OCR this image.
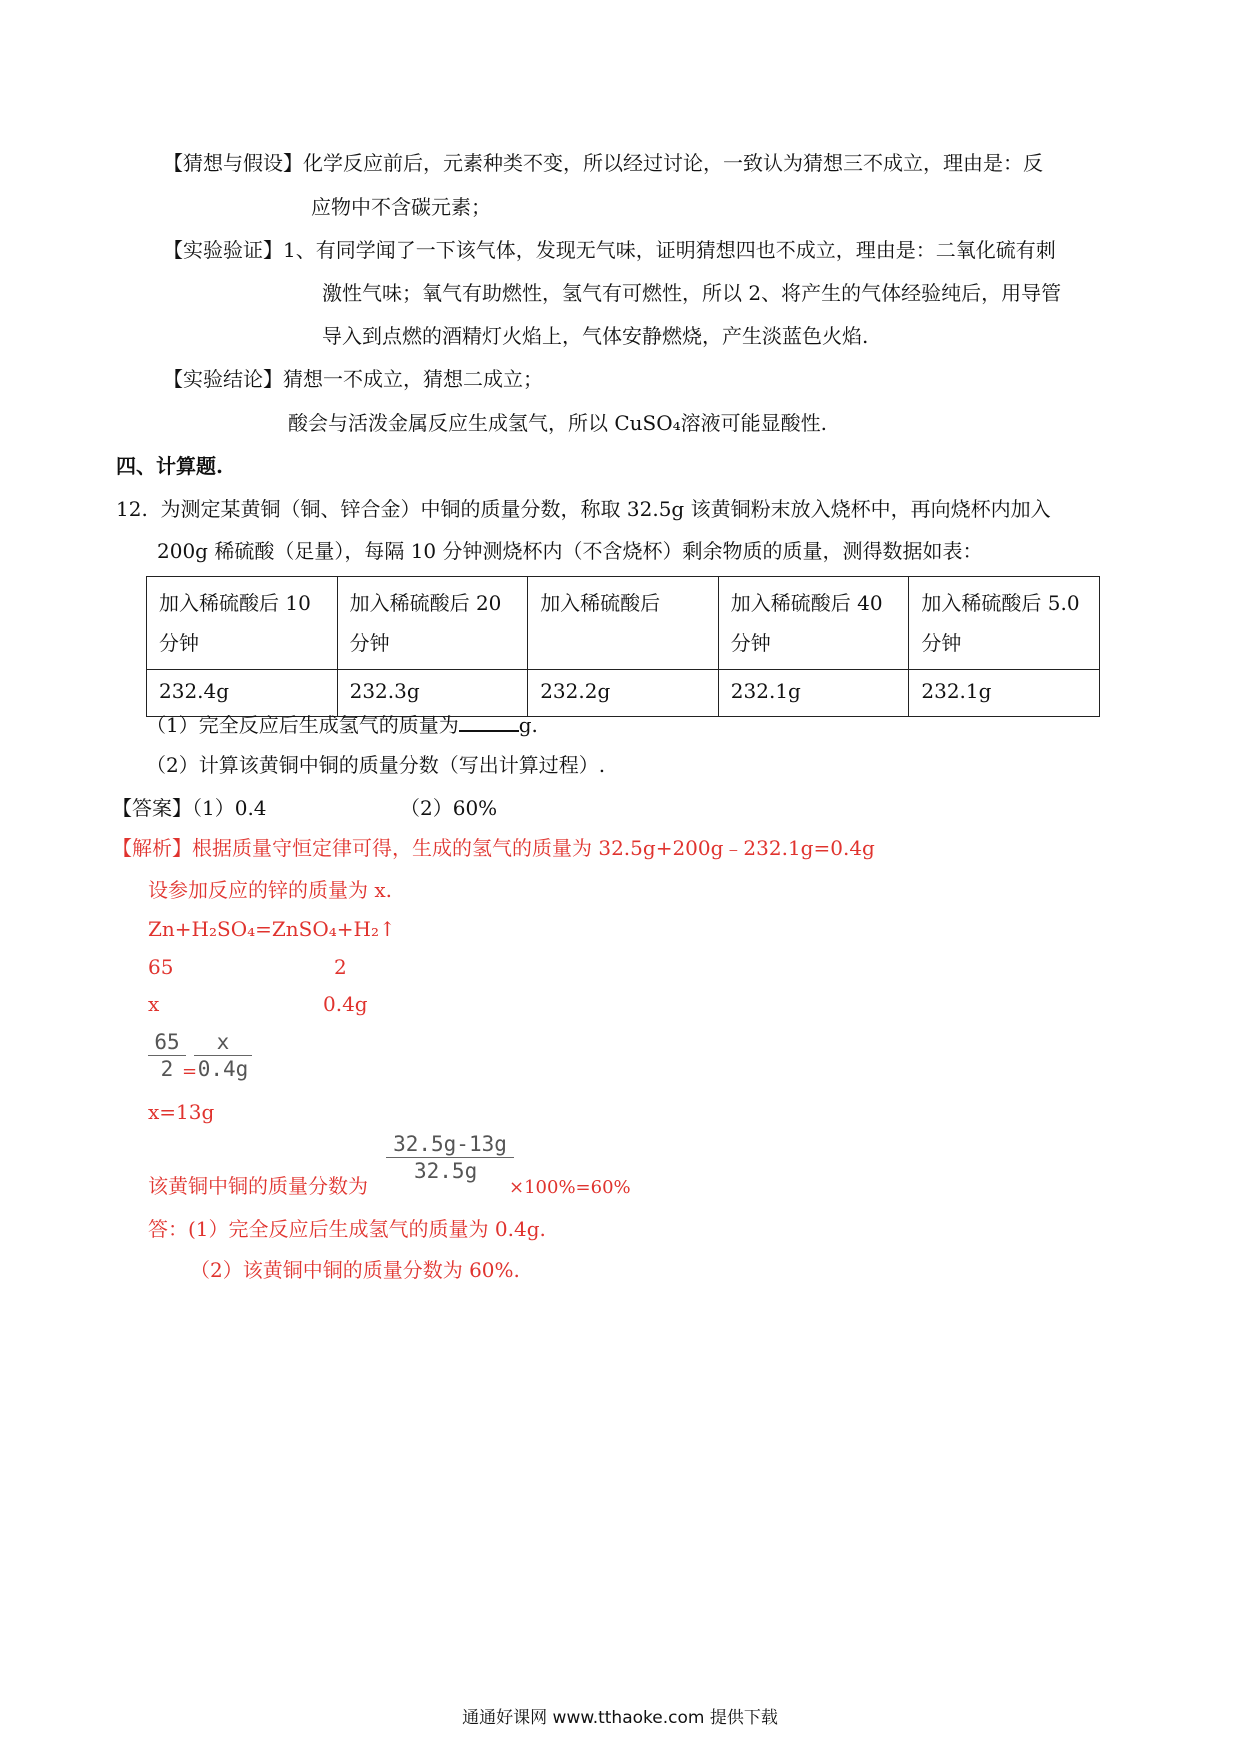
【猜想与假设】化学反应前后，元素种类不变，所以经过讨论，一致认为猜想三不成立，理由是：反
应物中不含碳元素；
【实验验证】1、有同学闻了一下该气体，发现无气味，证明猜想四也不成立，理由是：二氧化硫有刺
激性气味；氧气有助燃性，氢气有可燃性，所以 2、将产生的气体经验纯后，用导管
导入到点燃的酒精灯火焰上，气体安静燃烧，产生淡蓝色火焰.
【实验结论】猜想一不成立，猜想二成立；
酸会与活泼金属反应生成氢气，所以 CuSO₄溶液可能显酸性.
四、计算题.
12. 为测定某黄铜（铜、锌合金）中铜的质量分数，称取 32.5g 该黄铜粉末放入烧杯中，再向烧杯内加入
200g 稀硫酸（足量），每隔 10 分钟测烧杯内（不含烧杯）剩余物质的质量，测得数据如表：
加入稀硫酸后 10
分钟	加入稀硫酸后 20
分钟	加入稀硫酸后	加入稀硫酸后 40
分钟	加入稀硫酸后 5.0
分钟
232.4g	232.3g	232.2g	232.1g	232.1g
（1）完全反应后生成氢气的质量为	g.
（2）计算该黄铜中铜的质量分数（写出计算过程）.
【答案】（1）0.4	（2）60%
【解析】根据质量守恒定律可得，生成的氢气的质量为 32.5g+200g﹣232.1g=0.4g
设参加反应的锌的质量为 x.
Zn+H₂SO₄=ZnSO₄+H₂↑
65	2
x	0.4g
65
2 =
x
0.4g
x=13g
32.5g-13g
32.5g
该黄铜中铜的质量分数为	×100%=60%
答：(1）完全反应后生成氢气的质量为 0.4g.
（2）该黄铜中铜的质量分数为 60%.
通通好课网 www.tthaoke.com 提供下载
